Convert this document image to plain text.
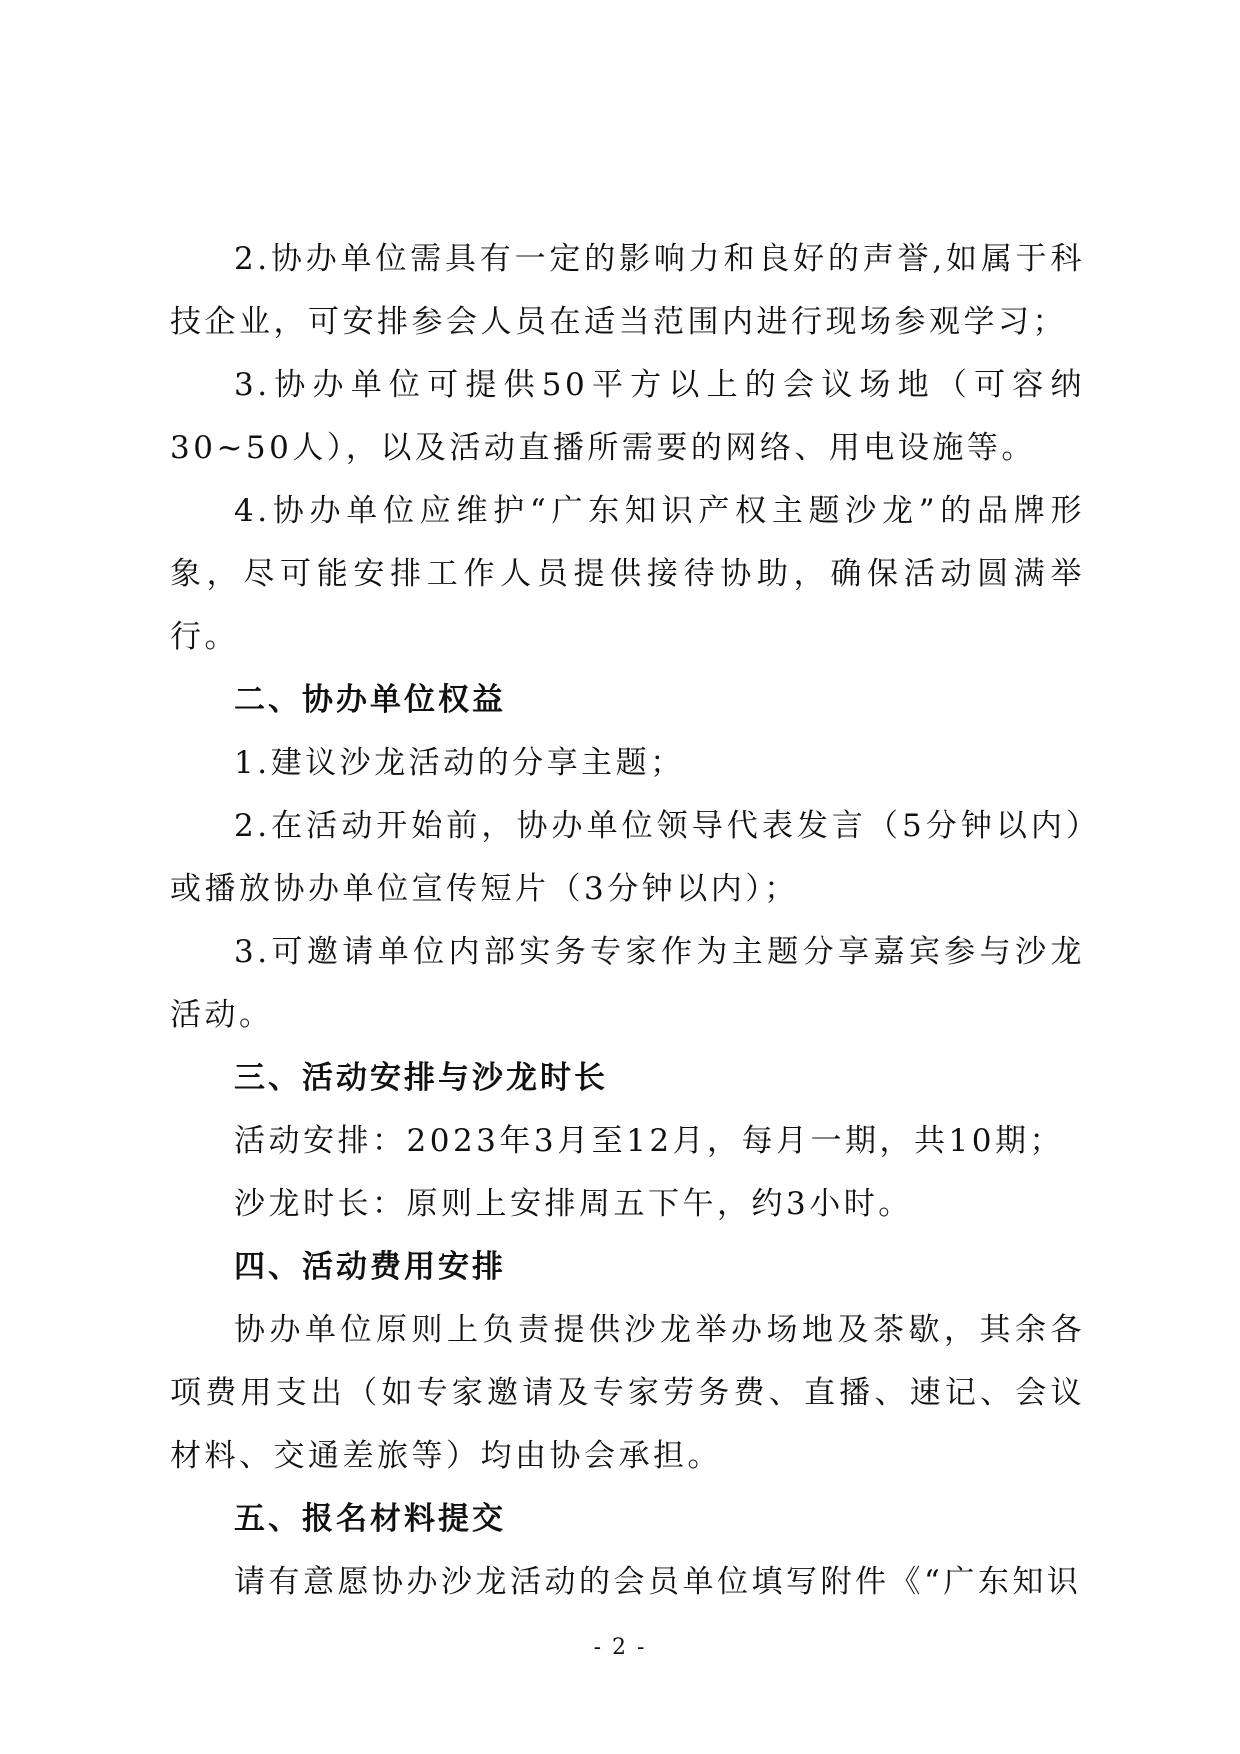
2.协办单位需具有一定的影响力和良好的声誉,如属于科技企业，可安排参会人员在适当范围内进行现场参观学习；

3.协办单位可提供50平方以上的会议场地（可容纳30~50人），以及活动直播所需要的网络、用电设施等。

4.协办单位应维护“广东知识产权主题沙龙”的品牌形象，尽可能安排工作人员提供接待协助，确保活动圆满举行。

二、协办单位权益

1.建议沙龙活动的分享主题；

2.在活动开始前，协办单位领导代表发言（5分钟以内）或播放协办单位宣传短片（3分钟以内）；

3.可邀请单位内部实务专家作为主题分享嘉宾参与沙龙活动。

三、活动安排与沙龙时长

活动安排：2023年3月至12月，每月一期，共10期；

沙龙时长：原则上安排周五下午，约3小时。

四、活动费用安排

协办单位原则上负责提供沙龙举办场地及茶歇，其余各项费用支出（如专家邀请及专家劳务费、直播、速记、会议材料、交通差旅等）均由协会承担。

五、报名材料提交

请有意愿协办沙龙活动的会员单位填写附件《“广东知识

- 2 -
